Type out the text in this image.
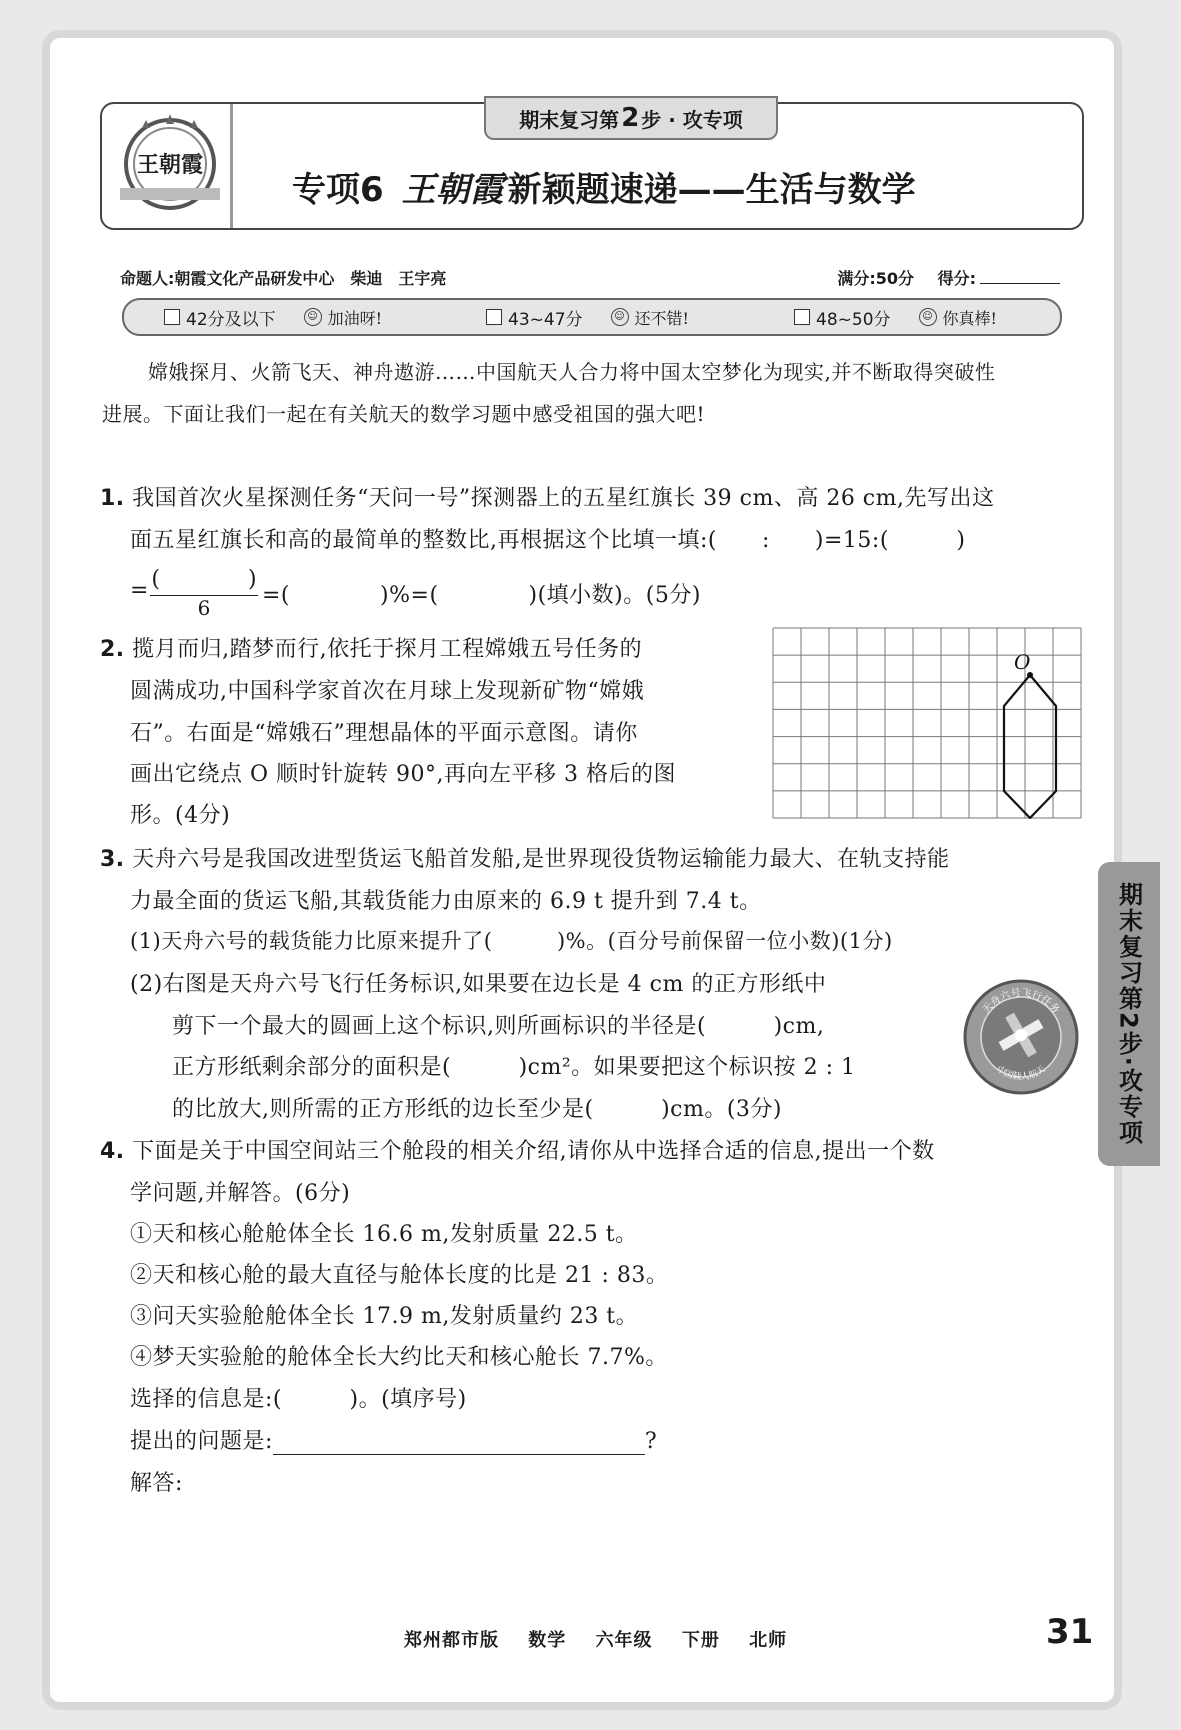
王朝霞
期末复习第 2 步 · 攻专项
专项6 王朝霞 新颖题速递——生活与数学
命题人:朝霞文化产品研发中心　柴迪　王宇亮	满分:50分 得分:
42分及以下	☺ 加油呀!	43~47分	☺ 还不错!	48~50分	☺ 你真棒!
嫦娥探月、火箭飞天、神舟遨游……中国航天人合力将中国太空梦化为现实,并不断取得突破性
进展。下面让我们一起在有关航天的数学习题中感受祖国的强大吧!
1. 我国首次火星探测任务“天问一号”探测器上的五星红旗长 39 cm、高 26 cm,先写出这
面五星红旗长和高的最简单的整数比,再根据这个比填一填:(　　:　　)=15:(　　　)
= (　　　　)
6	=(　　　　)%=(　　　　)(填小数)。(5分)
2. 揽月而归,踏梦而行,依托于探月工程嫦娥五号任务的
圆满成功,中国科学家首次在月球上发现新矿物“嫦娥
石”。右面是“嫦娥石”理想晶体的平面示意图。请你
画出它绕点 O 顺时针旋转 90°,再向左平移 3 格后的图
形。(4分)
O
3. 天舟六号是我国改进型货运飞船首发船,是世界现役货物运输能力最大、在轨支持能
力最全面的货运飞船,其载货能力由原来的 6.9 t 提升到 7.4 t。
(1)天舟六号的载货能力比原来提升了(　　　)%。(百分号前保留一位小数)(1分)
(2)右图是天舟六号飞行任务标识,如果要在边长是 4 cm 的正方形纸中
剪下一个最大的圆画上这个标识,则所画标识的半径是(　　　)cm,
正方形纸剩余部分的面积是(　　　)cm²。如果要把这个标识按 2 : 1
的比放大,则所需的正方形纸的边长至少是(　　　)cm。(3分)
天舟六号飞行任务
中国载人航天
4. 下面是关于中国空间站三个舱段的相关介绍,请你从中选择合适的信息,提出一个数
学问题,并解答。(6分)
①天和核心舱舱体全长 16.6 m,发射质量 22.5 t。
②天和核心舱的最大直径与舱体长度的比是 21 : 83。
③问天实验舱舱体全长 17.9 m,发射质量约 23 t。
④梦天实验舱的舱体全长大约比天和核心舱长 7.7%。
选择的信息是:(　　　)。(填序号)
提出的问题是:	?
解答:
期末复习第2步·攻专项
郑州都市版 数学 六年级 下册 北师	31
